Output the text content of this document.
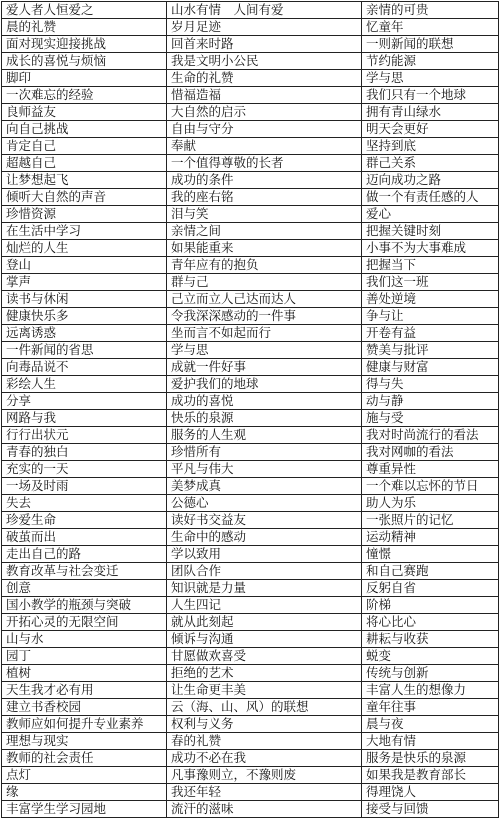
爱人者人恒爱之	山水有情　人间有爱	亲情的可贵
晨的礼赞	岁月足迹	忆童年
面对现实迎接挑战	回首来时路	一则新闻的联想
成长的喜悦与烦恼	我是文明小公民	节约能源
脚印	生命的礼赞	学与思
一次难忘的经验	惜福造福	我们只有一个地球
良师益友	大自然的启示	拥有青山绿水
向自己挑战	自由与守分	明天会更好
肯定自己	奉献	坚持到底
超越自己	一个值得尊敬的长者	群己关系
让梦想起飞	成功的条件	迈向成功之路
倾听大自然的声音	我的座右铭	做一个有责任感的人
珍惜资源	泪与笑	爱心
在生活中学习	亲情之间	把握关键时刻
灿烂的人生	如果能重来	小事不为大事难成
登山	青年应有的抱负	把握当下
掌声	群与己	我们这一班
读书与休闲	己立而立人己达而达人	善处逆境
健康快乐多	令我深深感动的一件事	争与让
远离诱惑	坐而言不如起而行	开卷有益
一件新闻的省思	学与思	赞美与批评
向毒品说不	成就一件好事	健康与财富
彩绘人生	爱护我们的地球	得与失
分享	成功的喜悦	动与静
网路与我	快乐的泉源	施与受
行行出状元	服务的人生观	我对时尚流行的看法
青春的独白	珍惜所有	我对网咖的看法
充实的一天	平凡与伟大	尊重异性
一场及时雨	美梦成真	一个难以忘怀的节日
失去	公德心	助人为乐
珍爱生命	读好书交益友	一张照片的记忆
破茧而出	生命中的感动	运动精神
走出自己的路	学以致用	憧憬
教育改革与社会变迁	团队合作	和自己赛跑
创意	知识就是力量	反躬自省
国小教学的瓶颈与突破	人生四记	阶梯
开拓心灵的无限空间	就从此刻起	将心比心
山与水	倾诉与沟通	耕耘与收获
园丁	甘愿做欢喜受	蜕变
植树	拒绝的艺术	传统与创新
天生我才必有用	让生命更丰美	丰富人生的想像力
建立书香校园	云（海、山、风）的联想	童年往事
教师应如何提升专业素养	权利与义务	晨与夜
理想与现实	春的礼赞	大地有情
教师的社会责任	成功不必在我	服务是快乐的泉源
点灯	凡事豫则立，不豫则废	如果我是教育部长
缘	我还年轻	得理饶人
丰富学生学习园地	流汗的滋味	接受与回馈
